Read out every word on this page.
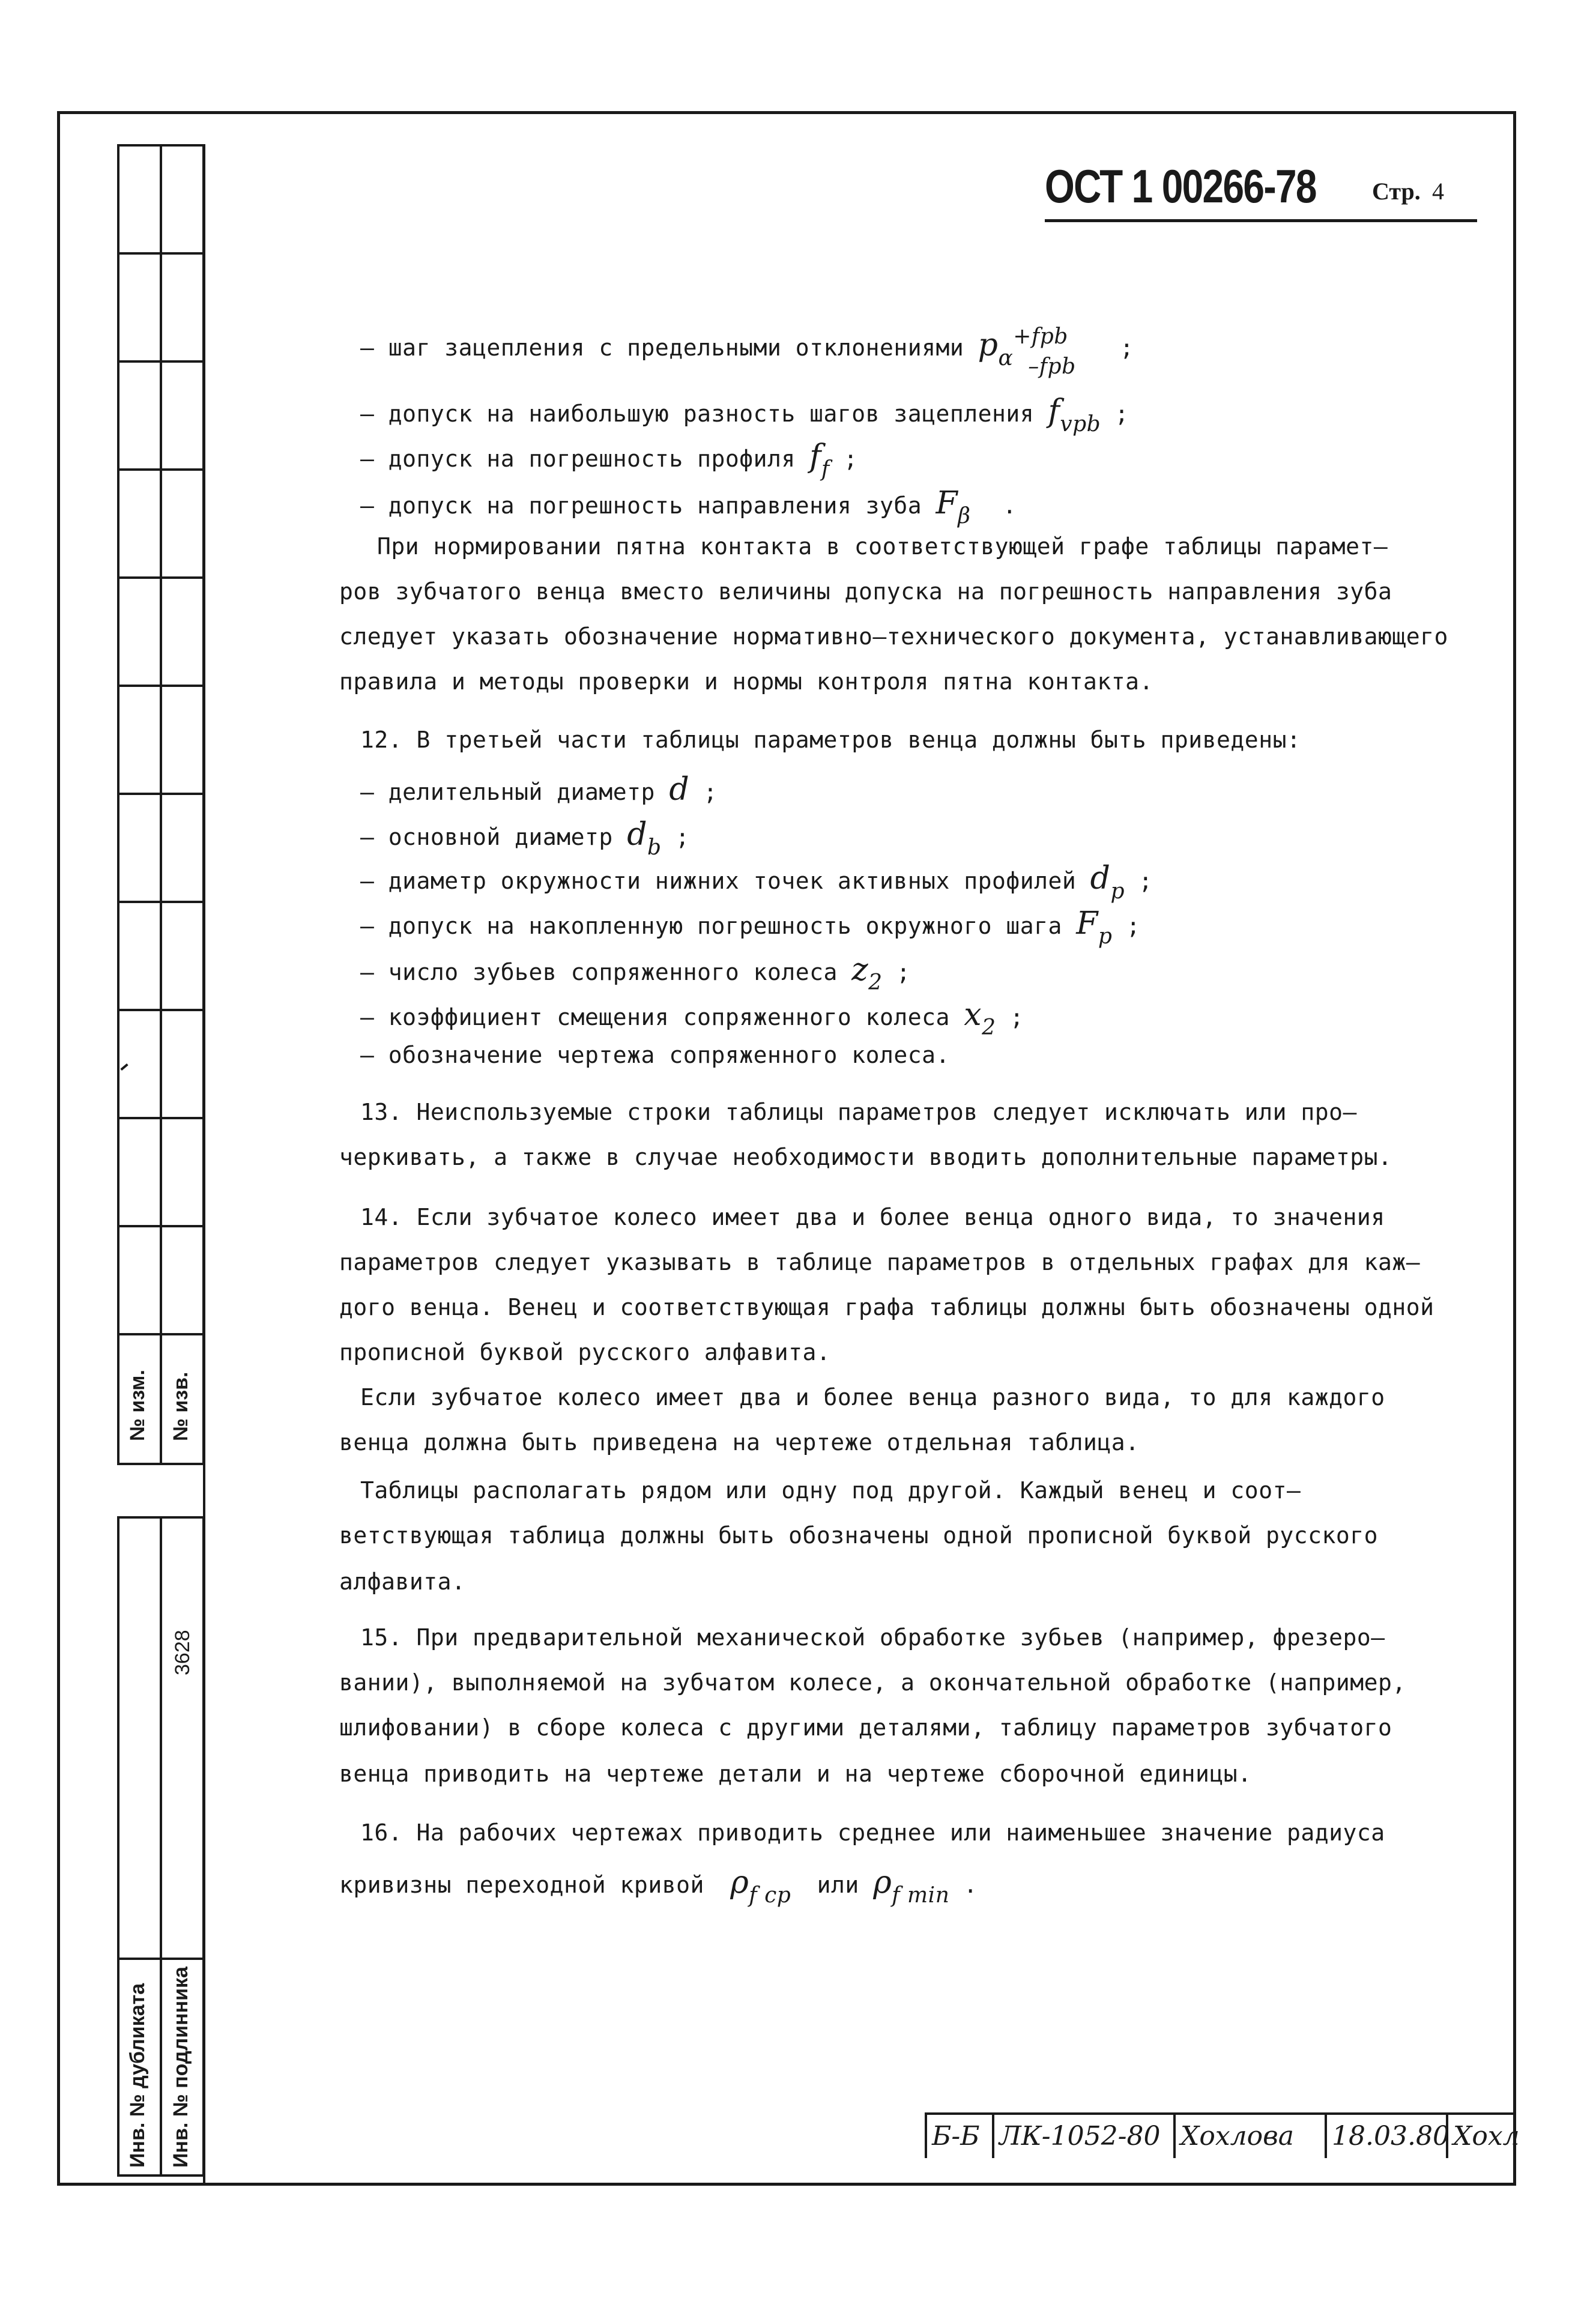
№ изм. № изв.
3628
Инв. № дубликата Инв. № подлинника
ОСТ 1 00266-78 Стр. 4
– шаг зацепления с предельными отклонениями $p_\alpha^{+fpb}$ –fpb ;
– допуск на наибольшую разность шагов зацепления $f_{vpb}$ ;
– допуск на погрешность профиля $f_f$ ;
– допуск на погрешность направления зуба $F_\beta$ .
При нормировании пятна контакта в соответствующей графе таблицы парамет–
ров зубчатого венца вместо величины допуска на погрешность направления зуба
следует указать обозначение нормативно–технического документа, устанавливающего
правила и методы проверки и нормы контроля пятна контакта.
12. В третьей части таблицы параметров венца должны быть приведены:
– делительный диаметр d ;
– основной диаметр $d_b$ ;
– диаметр окружности нижних точек активных профилей $d_p$ ;
– допуск на накопленную погрешность окружного шага $F_p$ ;
– число зубьев сопряженного колеса $z_2$ ;
– коэффициент смещения сопряженного колеса $x_2$ ;
– обозначение чертежа сопряженного колеса.
13. Неиспользуемые строки таблицы параметров следует исключать или про–
черкивать, а также в случае необходимости вводить дополнительные параметры.
14. Если зубчатое колесо имеет два и более венца одного вида, то значения
параметров следует указывать в таблице параметров в отдельных графах для каж–
дого венца. Венец и соответствующая графа таблицы должны быть обозначены одной
прописной буквой русского алфавита.
Если зубчатое колесо имеет два и более венца разного вида, то для каждого
венца должна быть приведена на чертеже отдельная таблица.
Таблицы располагать рядом или одну под другой. Каждый венец и соот–
ветствующая таблица должны быть обозначены одной прописной буквой русского
алфавита.
15. При предварительной механической обработке зубьев (например, фрезеро–
вании), выполняемой на зубчатом колесе, а окончательной обработке (например,
шлифовании) в сборе колеса с другими деталями, таблицу параметров зубчатого
венца приводить на чертеже детали и на чертеже сборочной единицы.
16. На рабочих чертежах приводить среднее или наименьшее значение радиуса
кривизны переходной кривой $\rho_{f cp}$ или $\rho_{f min}$ .
Б-Б ЛК-1052-80 Хохлова	18.03.80 Хохл
